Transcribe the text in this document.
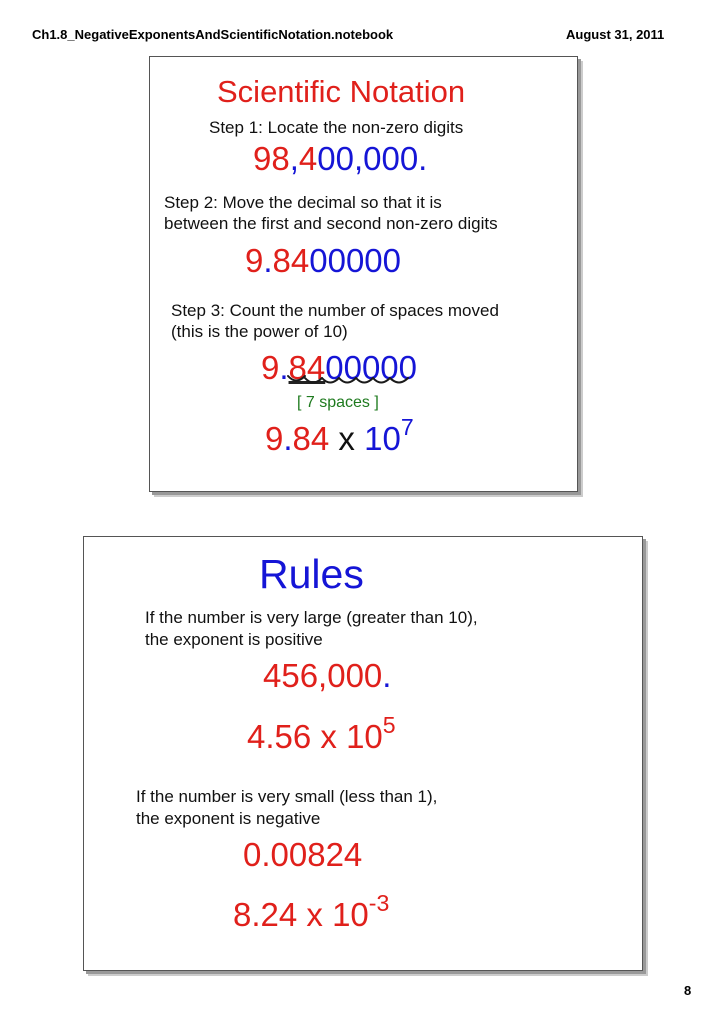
Ch1.8_NegativeExponentsAndScientificNotation.notebook	August 31, 2011
Scientific Notation
Step 1: Locate the non-zero digits
98,400,000.
Step 2: Move the decimal so that it is
between the first and second non-zero digits
9.8400000
Step 3: Count the number of spaces moved
(this is the power of 10)
9.8400000
[ 7 spaces ]
9.84 x $10^7$
Rules
If the number is very large (greater than 10),
the exponent is positive
456,000.
4.56 x $10^5$
If the number is very small (less than 1),
the exponent is negative
0.00824
8.24 x $10^{-3}$
8
